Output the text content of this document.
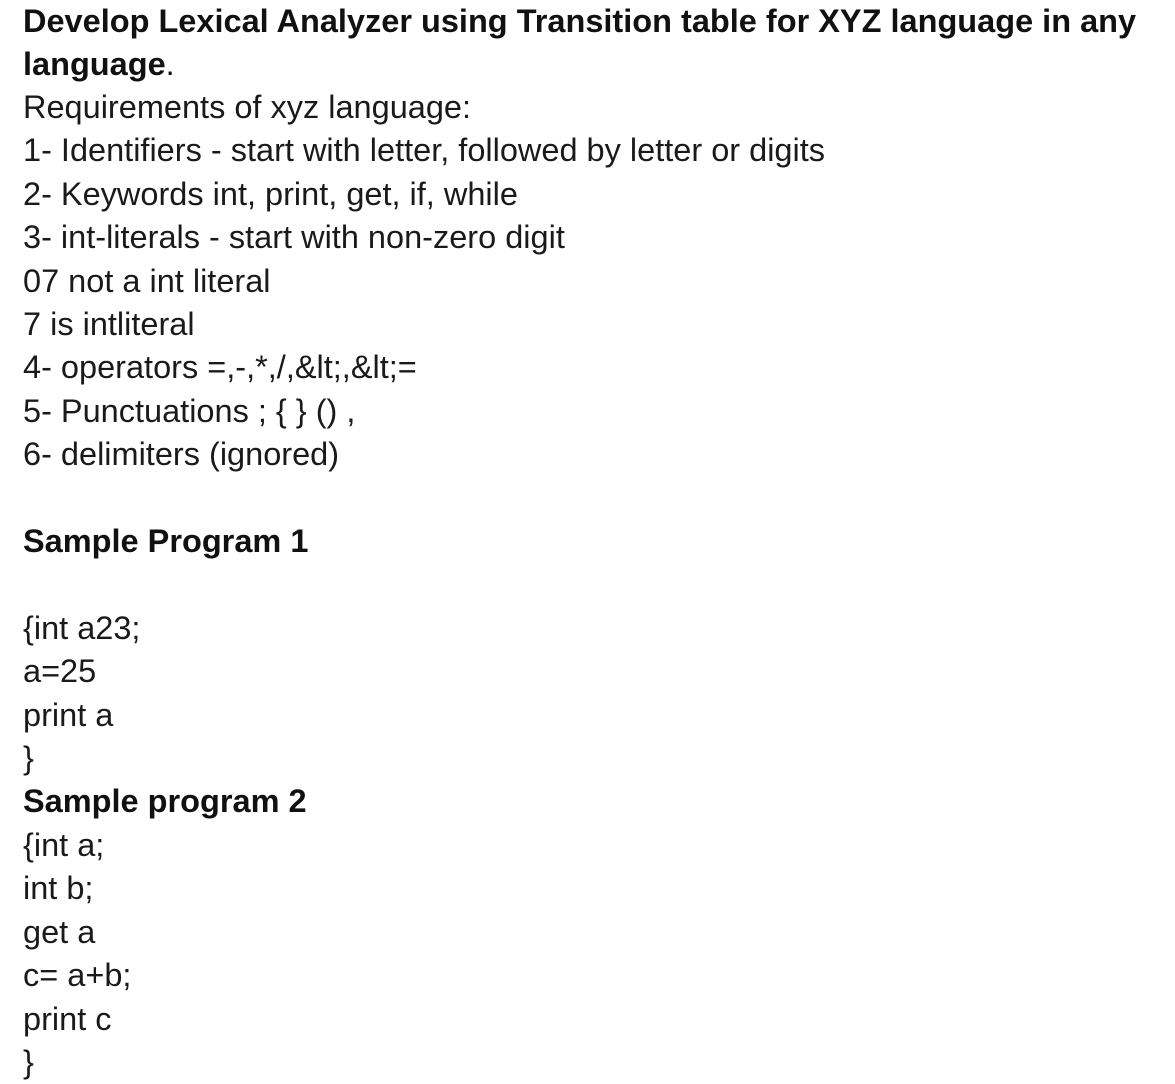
Develop Lexical Analyzer using Transition table for XYZ language in any language.

Requirements of xyz language:

1- Identifiers - start with letter, followed by letter or digits

2- Keywords int, print, get, if, while

3- int-literals - start with non-zero digit

07 not a int literal

7 is intliteral

4- operators =,-,*,/,&lt;,&lt;=

5- Punctuations ; { } () ,

6- delimiters (ignored)

Sample Program 1

{int a23;

a=25

print a

}

Sample program 2

{int a;

int b;

get a

c= a+b;

print c

}
